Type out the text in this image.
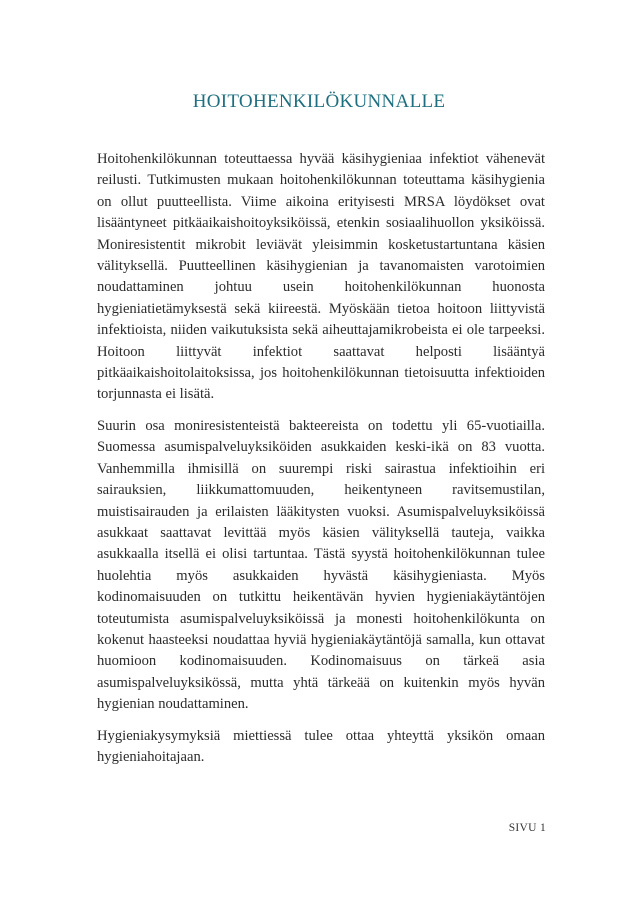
HOITOHENKILÖKUNNALLE

Hoitohenkilökunnan toteuttaessa hyvää käsihygieniaa infektiot vähenevät reilusti. Tutkimusten mukaan hoitohenkilökunnan toteuttama käsihygienia on ollut puutteellista. Viime aikoina erityisesti MRSA löydökset ovat lisääntyneet pitkäaikaishoitoyksiköissä, etenkin sosiaalihuollon yksiköissä. Moniresistentit mikrobit leviävät yleisimmin kosketustartuntana käsien välityksellä. Puutteellinen käsihygienian ja tavanomaisten varotoimien noudattaminen johtuu usein hoitohenkilökunnan huonosta hygieniatietämyksestä sekä kiireestä. Myöskään tietoa hoitoon liittyvistä infektioista, niiden vaikutuksista sekä aiheuttajamikrobeista ei ole tarpeeksi. Hoitoon liittyvät infektiot saattavat helposti lisääntyä pitkäaikaishoitolaitoksissa, jos hoitohenkilökunnan tietoisuutta infektioiden torjunnasta ei lisätä.

Suurin osa moniresistenteistä bakteereista on todettu yli 65-vuotiailla. Suomessa asumispalveluyksiköiden asukkaiden keski-ikä on 83 vuotta. Vanhemmilla ihmisillä on suurempi riski sairastua infektioihin eri sairauksien, liikkumattomuuden, heikentyneen ravitsemustilan, muistisairauden ja erilaisten lääkitysten vuoksi. Asumispalveluyksiköissä asukkaat saattavat levittää myös käsien välityksellä tauteja, vaikka asukkaalla itsellä ei olisi tartuntaa. Tästä syystä hoitohenkilökunnan tulee huolehtia myös asukkaiden hyvästä käsihygieniasta. Myös kodinomaisuuden on tutkittu heikentävän hyvien hygieniakäytäntöjen toteutumista asumispalveluyksiköissä ja monesti hoitohenkilökunta on kokenut haasteeksi noudattaa hyviä hygieniakäytäntöjä samalla, kun ottavat huomioon kodinomaisuuden. Kodinomaisuus on tärkeä asia asumispalveluyksikössä, mutta yhtä tärkeää on kuitenkin myös hyvän hygienian noudattaminen.

Hygieniakysymyksiä miettiessä tulee ottaa yhteyttä yksikön omaan hygieniahoitajaan.

SIVU 1
